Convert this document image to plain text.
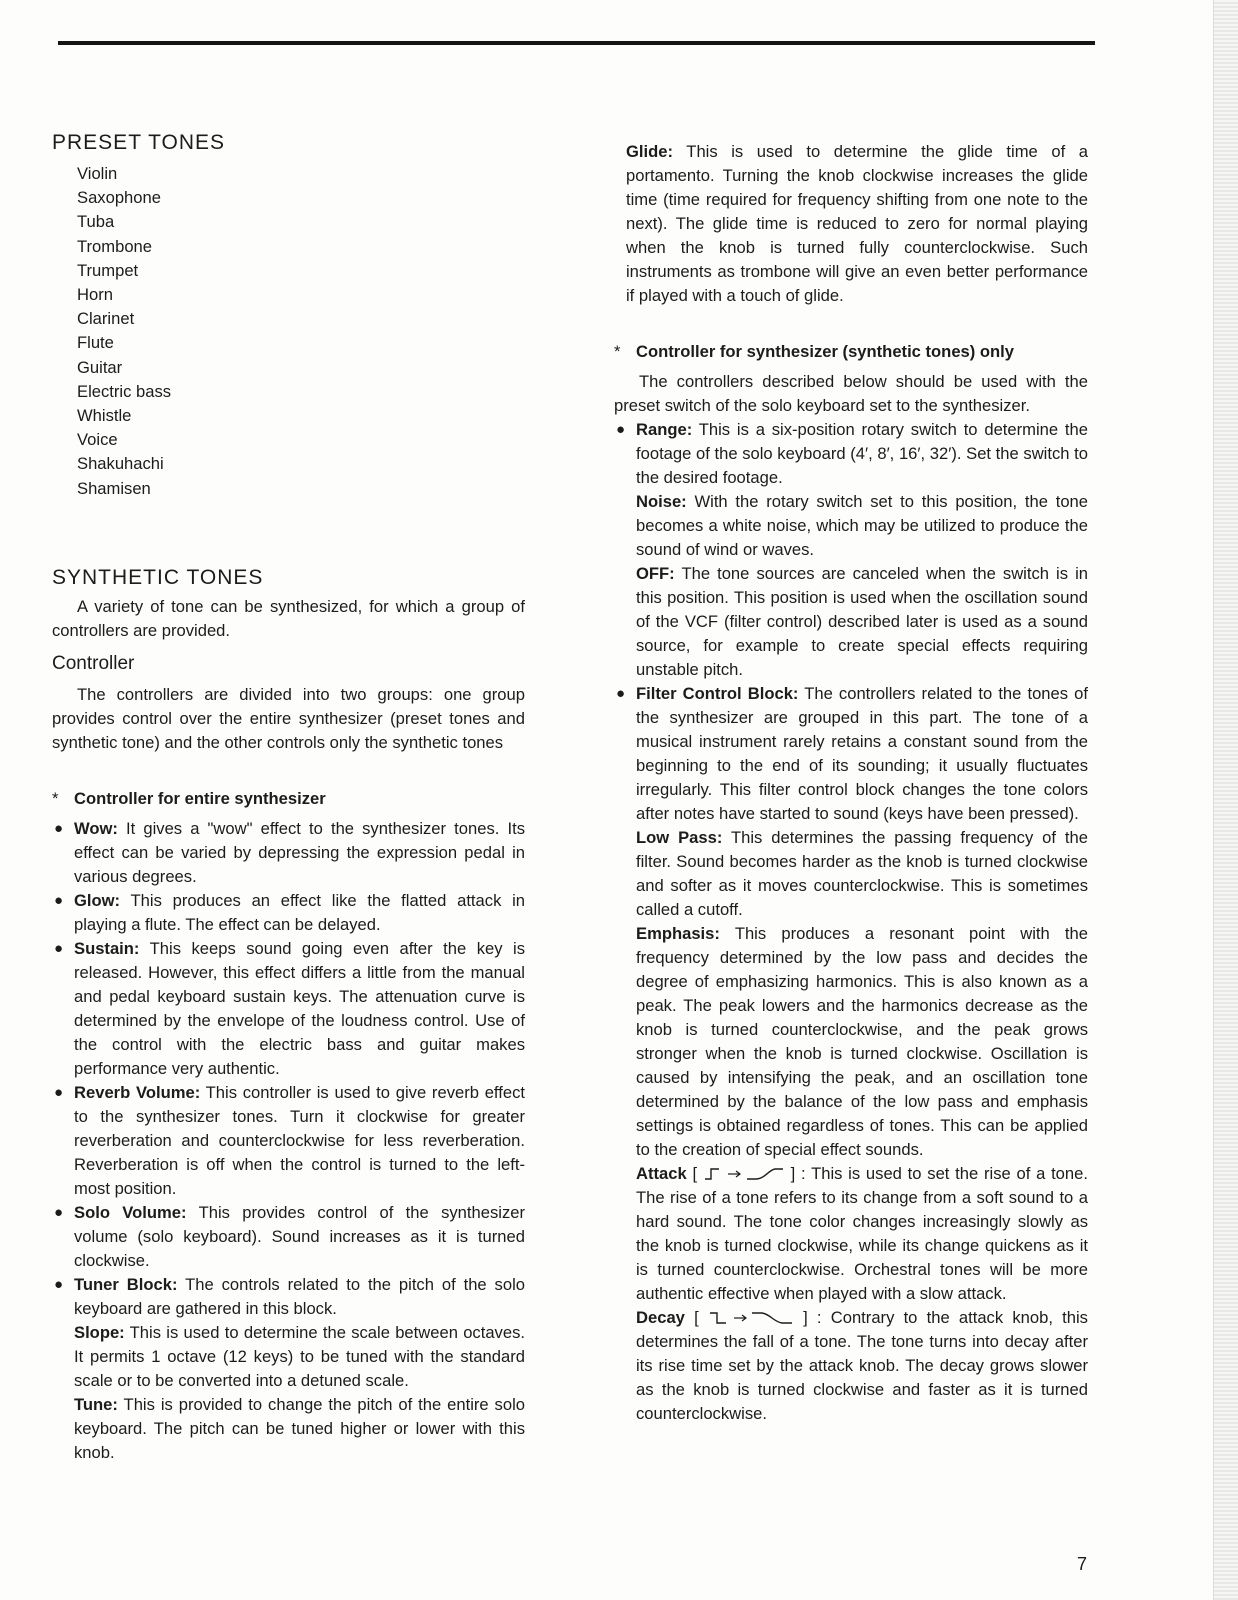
PRESET TONES
Violin
Saxophone
Tuba
Trombone
Trumpet
Horn
Clarinet
Flute
Guitar
Electric bass
Whistle
Voice
Shakuhachi
Shamisen
SYNTHETIC TONES

A variety of tone can be synthesized, for which a group of controllers are provided.

Controller

The controllers are divided into two groups: one group provides control over the entire synthesizer (preset tones and synthetic tone) and the other controls only the synthetic tones

* Controller for entire synthesizer
● Wow: It gives a "wow" effect to the synthesizer tones. Its effect can be varied by depressing the expression pedal in various degrees.
● Glow: This produces an effect like the flatted attack in playing a flute. The effect can be delayed.
● Sustain: This keeps sound going even after the key is released. However, this effect differs a little from the manual and pedal keyboard sustain keys. The attenuation curve is determined by the envelope of the loudness control. Use of the control with the electric bass and guitar makes performance very authentic.
● Reverb Volume: This controller is used to give reverb effect to the synthesizer tones. Turn it clockwise for greater reverberation and counterclockwise for less reverberation. Reverberation is off when the control is turned to the left-most position.
● Solo Volume: This provides control of the synthesizer volume (solo keyboard). Sound increases as it is turned clockwise.
● Tuner Block: The controls related to the pitch of the solo keyboard are gathered in this block.
Slope: This is used to determine the scale between octaves. It permits 1 octave (12 keys) to be tuned with the standard scale or to be converted into a detuned scale.
Tune: This is provided to change the pitch of the entire solo keyboard. The pitch can be tuned higher or lower with this knob.

Glide: This is used to determine the glide time of a portamento. Turning the knob clockwise increases the glide time (time required for frequency shifting from one note to the next). The glide time is reduced to zero for normal playing when the knob is turned fully counterclockwise. Such instruments as trombone will give an even better performance if played with a touch of glide.

* Controller for synthesizer (synthetic tones) only

The controllers described below should be used with the preset switch of the solo keyboard set to the synthesizer.

● Range: This is a six-position rotary switch to determine the footage of the solo keyboard (4′, 8′, 16′, 32′). Set the switch to the desired footage.
Noise: With the rotary switch set to this position, the tone becomes a white noise, which may be utilized to produce the sound of wind or waves.
OFF: The tone sources are canceled when the switch is in this position. This position is used when the oscillation sound of the VCF (filter control) described later is used as a sound source, for example to create special effects requiring unstable pitch.
● Filter Control Block: The controllers related to the tones of the synthesizer are grouped in this part. The tone of a musical instrument rarely retains a constant sound from the beginning to the end of its sounding; it usually fluctuates irregularly. This filter control block changes the tone colors after notes have started to sound (keys have been pressed).
Low Pass: This determines the passing frequency of the filter. Sound becomes harder as the knob is turned clockwise and softer as it moves counterclockwise. This is sometimes called a cutoff.
Emphasis: This produces a resonant point with the frequency determined by the low pass and decides the degree of emphasizing harmonics. This is also known as a peak. The peak lowers and the harmonics decrease as the knob is turned counterclockwise, and the peak grows stronger when the knob is turned clockwise. Oscillation is caused by intensifying the peak, and an oscillation tone determined by the balance of the low pass and emphasis settings is obtained regardless of tones. This can be applied to the creation of special effect sounds.
Attack [	] : This is used to set the rise of a tone. The rise of a tone refers to its change from a soft sound to a hard sound. The tone color changes increasingly slowly as the knob is turned clockwise, while its change quickens as it is turned counterclockwise. Orchestral tones will be more authentic effective when played with a slow attack.
Decay [	] : Contrary to the attack knob, this determines the fall of a tone. The tone turns into decay after its rise time set by the attack knob. The decay grows slower as the knob is turned clockwise and faster as it is turned counterclockwise.
7
